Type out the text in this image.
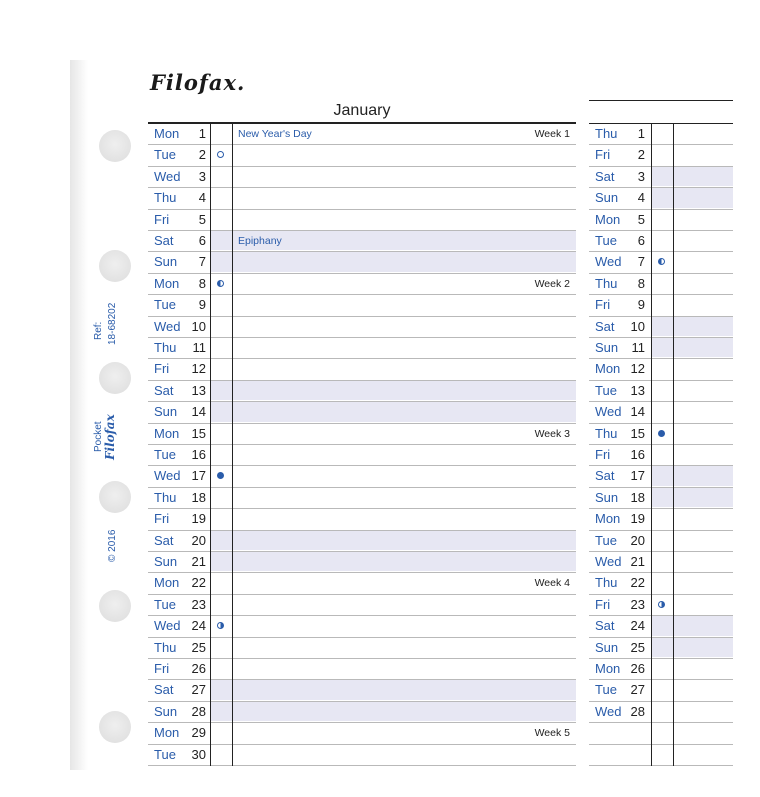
Filofax.
Ref: 18-68202
Pocket Filofax
© 2016
January
Mon	1	New Year's Day	Week 1
Tue	2
Wed	3
Thu	4
Fri	5
Sat	6	Epiphany
Sun	7
Mon	8	Week 2
Tue	9
Wed 10
Thu	11
Fri	12
Sat	13
Sun	14
Mon 15	Week 3
Tue	16
Wed 17
Thu	18
Fri	19
Sat	20
Sun	21
Mon 22	Week 4
Tue	23
Wed 24
Thu	25
Fri	26
Sat	27
Sun	28
Mon 29	Week 5
Tue	30
Thu	1
Fri	2
Sat	3
Sun	4
Mon	5
Tue	6
Wed	7
Thu	8
Fri	9
Sat	10
Sun	11
Mon 12
Tue	13
Wed 14
Thu	15
Fri	16
Sat	17
Sun 18
Mon 19
Tue	20
Wed 21
Thu	22
Fri	23
Sat	24
Sun 25
Mon 26
Tue	27
Wed 28
